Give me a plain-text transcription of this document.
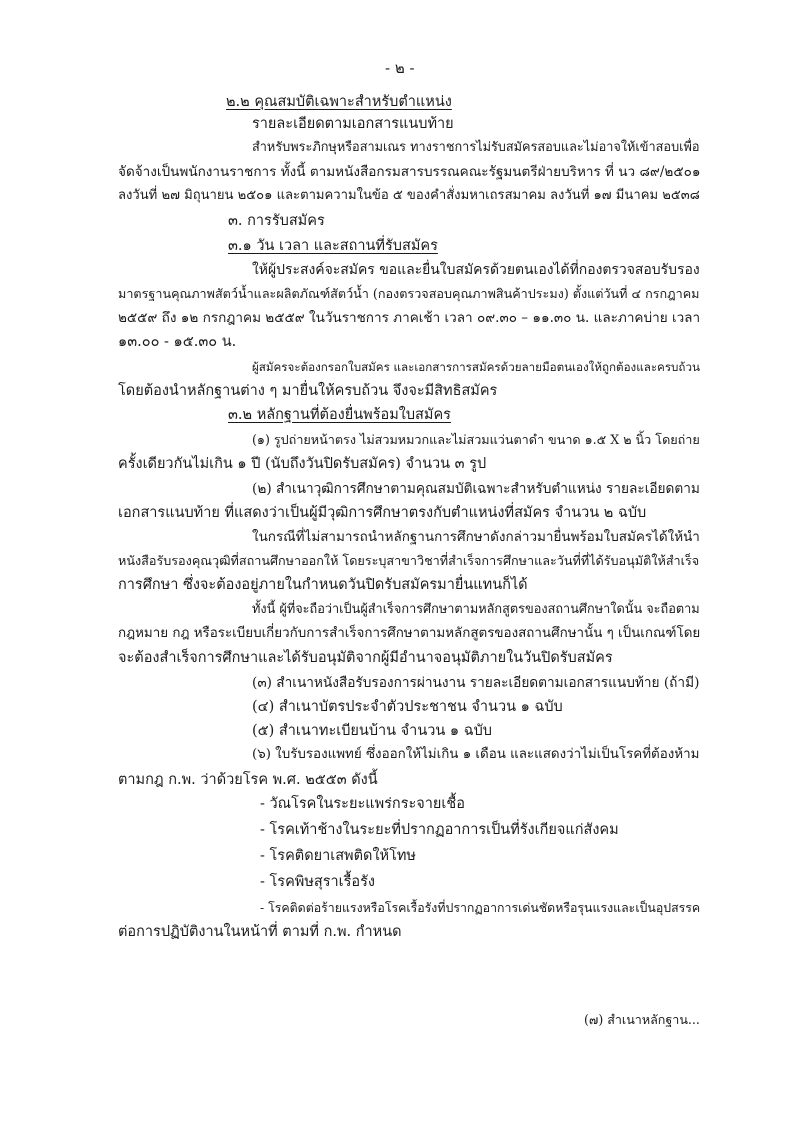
- ๒ -
๒.๒ คุณสมบัติเฉพาะสำหรับตำแหน่ง
รายละเอียดตามเอกสารแนบท้าย
สำหรับพระภิกษุหรือสามเณร ทางราชการไม่รับสมัครสอบและไม่อาจให้เข้าสอบเพื่อ
จัดจ้างเป็นพนักงานราชการ ทั้งนี้ ตามหนังสือกรมสารบรรณคณะรัฐมนตรีฝ่ายบริหาร ที่ นว ๘๙/๒๕๐๑
ลงวันที่ ๒๗ มิถุนายน ๒๕๐๑ และตามความในข้อ ๕ ของคำสั่งมหาเถรสมาคม ลงวันที่ ๑๗ มีนาคม ๒๕๓๘
๓. การรับสมัคร
๓.๑ วัน เวลา และสถานที่รับสมัคร
ให้ผู้ประสงค์จะสมัคร ขอและยื่นใบสมัครด้วยตนเองได้ที่กองตรวจสอบรับรอง
มาตรฐานคุณภาพสัตว์น้ำและผลิตภัณฑ์สัตว์น้ำ (กองตรวจสอบคุณภาพสินค้าประมง) ตั้งแต่วันที่ ๔ กรกฎาคม
๒๕๕๙ ถึง ๑๒ กรกฎาคม ๒๕๕๙ ในวันราชการ ภาคเช้า เวลา ๐๙.๓๐ – ๑๑.๓๐ น. และภาคบ่าย เวลา
๑๓.๐๐ - ๑๕.๓๐ น.
ผู้สมัครจะต้องกรอกใบสมัคร และเอกสารการสมัครด้วยลายมือตนเองให้ถูกต้องและครบถ้วน
โดยต้องนำหลักฐานต่าง ๆ มายื่นให้ครบถ้วน จึงจะมีสิทธิสมัคร
๓.๒ หลักฐานที่ต้องยื่นพร้อมใบสมัคร
(๑) รูปถ่ายหน้าตรง ไม่สวมหมวกและไม่สวมแว่นตาดำ ขนาด ๑.๕ X ๒ นิ้ว โดยถ่าย
ครั้งเดียวกันไม่เกิน ๑ ปี (นับถึงวันปิดรับสมัคร) จำนวน ๓ รูป
(๒) สำเนาวุฒิการศึกษาตามคุณสมบัติเฉพาะสำหรับตำแหน่ง รายละเอียดตาม
เอกสารแนบท้าย ที่แสดงว่าเป็นผู้มีวุฒิการศึกษาตรงกับตำแหน่งที่สมัคร จำนวน ๒ ฉบับ
ในกรณีที่ไม่สามารถนำหลักฐานการศึกษาดังกล่าวมายื่นพร้อมใบสมัครได้ให้นำ
หนังสือรับรองคุณวุฒิที่สถานศึกษาออกให้ โดยระบุสาขาวิชาที่สำเร็จการศึกษาและวันที่ที่ได้รับอนุมัติให้สำเร็จ
การศึกษา ซึ่งจะต้องอยู่ภายในกำหนดวันปิดรับสมัครมายื่นแทนก็ได้
ทั้งนี้ ผู้ที่จะถือว่าเป็นผู้สำเร็จการศึกษาตามหลักสูตรของสถานศึกษาใดนั้น จะถือตาม
กฎหมาย กฎ หรือระเบียบเกี่ยวกับการสำเร็จการศึกษาตามหลักสูตรของสถานศึกษานั้น ๆ เป็นเกณฑ์โดย
จะต้องสำเร็จการศึกษาและได้รับอนุมัติจากผู้มีอำนาจอนุมัติภายในวันปิดรับสมัคร
(๓) สำเนาหนังสือรับรองการผ่านงาน รายละเอียดตามเอกสารแนบท้าย (ถ้ามี)
(๔) สำเนาบัตรประจำตัวประชาชน จำนวน ๑ ฉบับ
(๕) สำเนาทะเบียนบ้าน จำนวน ๑ ฉบับ
(๖) ใบรับรองแพทย์ ซึ่งออกให้ไม่เกิน ๑ เดือน และแสดงว่าไม่เป็นโรคที่ต้องห้าม
ตามกฎ ก.พ. ว่าด้วยโรค พ.ศ. ๒๕๕๓ ดังนี้
- วัณโรคในระยะแพร่กระจายเชื้อ
- โรคเท้าช้างในระยะที่ปรากฏอาการเป็นที่รังเกียจแก่สังคม
- โรคติดยาเสพติดให้โทษ
- โรคพิษสุราเรื้อรัง
- โรคติดต่อร้ายแรงหรือโรคเรื้อรังที่ปรากฏอาการเด่นชัดหรือรุนแรงและเป็นอุปสรรค
ต่อการปฏิบัติงานในหน้าที่ ตามที่ ก.พ. กำหนด
(๗) สำเนาหลักฐาน...
